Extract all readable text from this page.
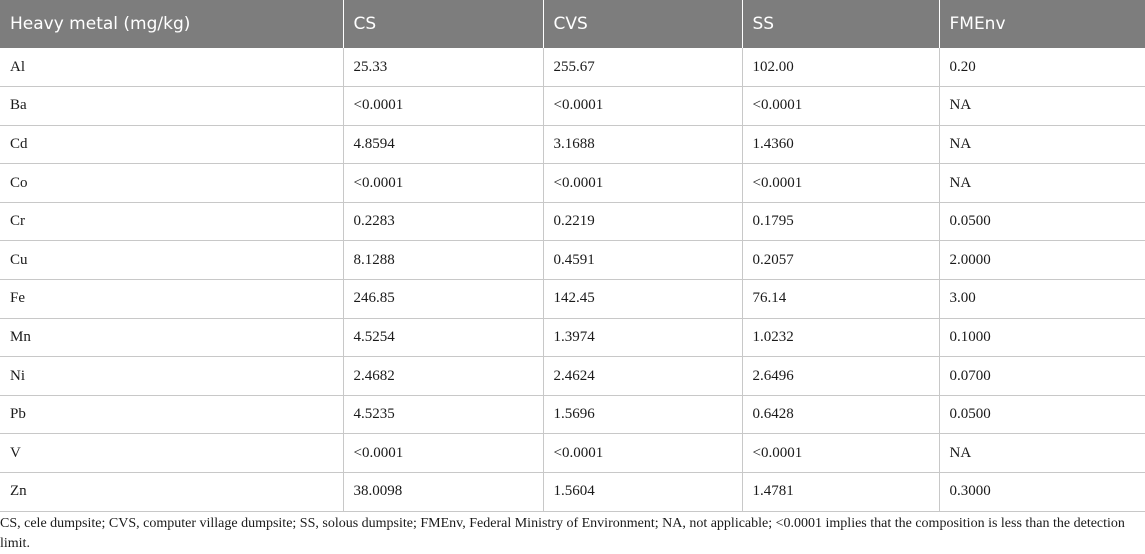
Heavy metal (mg/kg)	CS	CVS	SS	FMEnv
Al	25.33	255.67	102.00	0.20
Ba	<0.0001	<0.0001	<0.0001	NA
Cd	4.8594	3.1688	1.4360	NA
Co	<0.0001	<0.0001	<0.0001	NA
Cr	0.2283	0.2219	0.1795	0.0500
Cu	8.1288	0.4591	0.2057	2.0000
Fe	246.85	142.45	76.14	3.00
Mn	4.5254	1.3974	1.0232	0.1000
Ni	2.4682	2.4624	2.6496	0.0700
Pb	4.5235	1.5696	0.6428	0.0500
V	<0.0001	<0.0001	<0.0001	NA
Zn	38.0098	1.5604	1.4781	0.3000

CS, cele dumpsite; CVS, computer village dumpsite; SS, solous dumpsite; FMEnv, Federal Ministry of Environment; NA, not applicable; <0.0001 implies that the composition is less than the detection limit.
